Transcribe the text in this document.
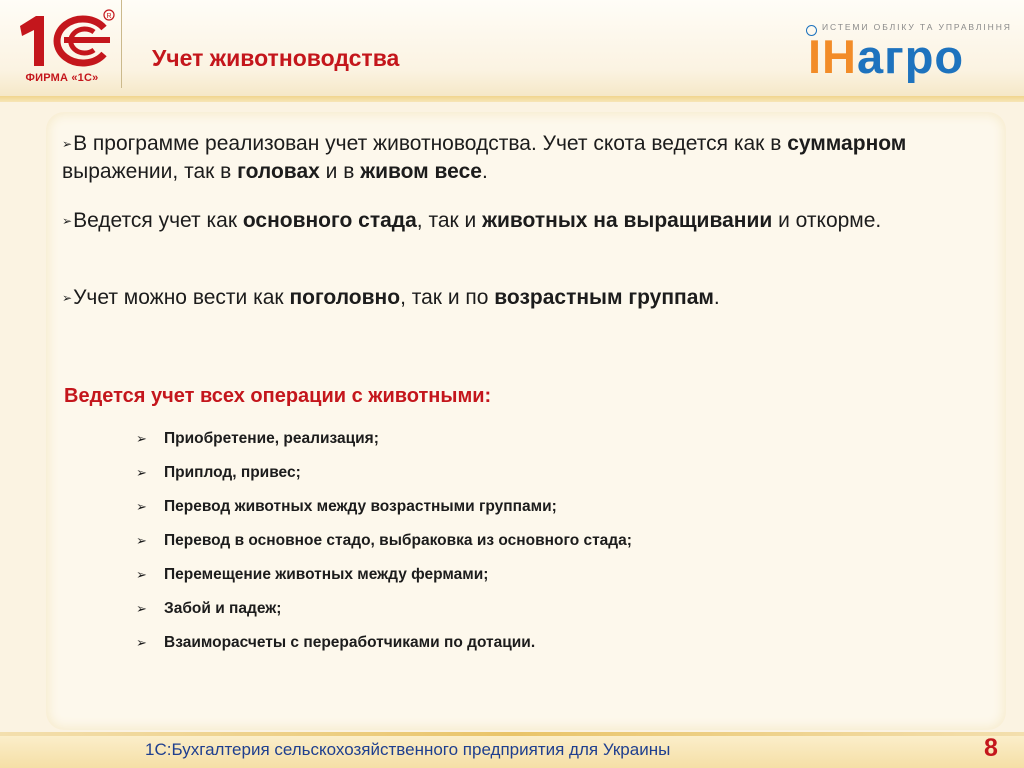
R
ФИРМА «1С»
Учет животноводства
ИСТЕМИ ОБЛІКУ ТА УПРАВЛІННЯ
ІНагро
➢В программе реализован учет животноводства. Учет скота ведется как в суммарном выражении, так в головах и в живом весе.
➢Ведется учет как основного стада, так и животных на выращивании и откорме.
➢Учет можно вести как поголовно, так и по возрастным группам.
Ведется учет всех операции с животными:
➢	Приобретение, реализация;
➢	Приплод, привес;
➢	Перевод животных между возрастными группами;
➢	Перевод в основное стадо, выбраковка из основного стада;
➢	Перемещение животных между фермами;
➢	Забой и падеж;
➢	Взаиморасчеты с переработчиками по дотации.
1С:Бухгалтерия сельскохозяйственного предприятия для Украины	8
